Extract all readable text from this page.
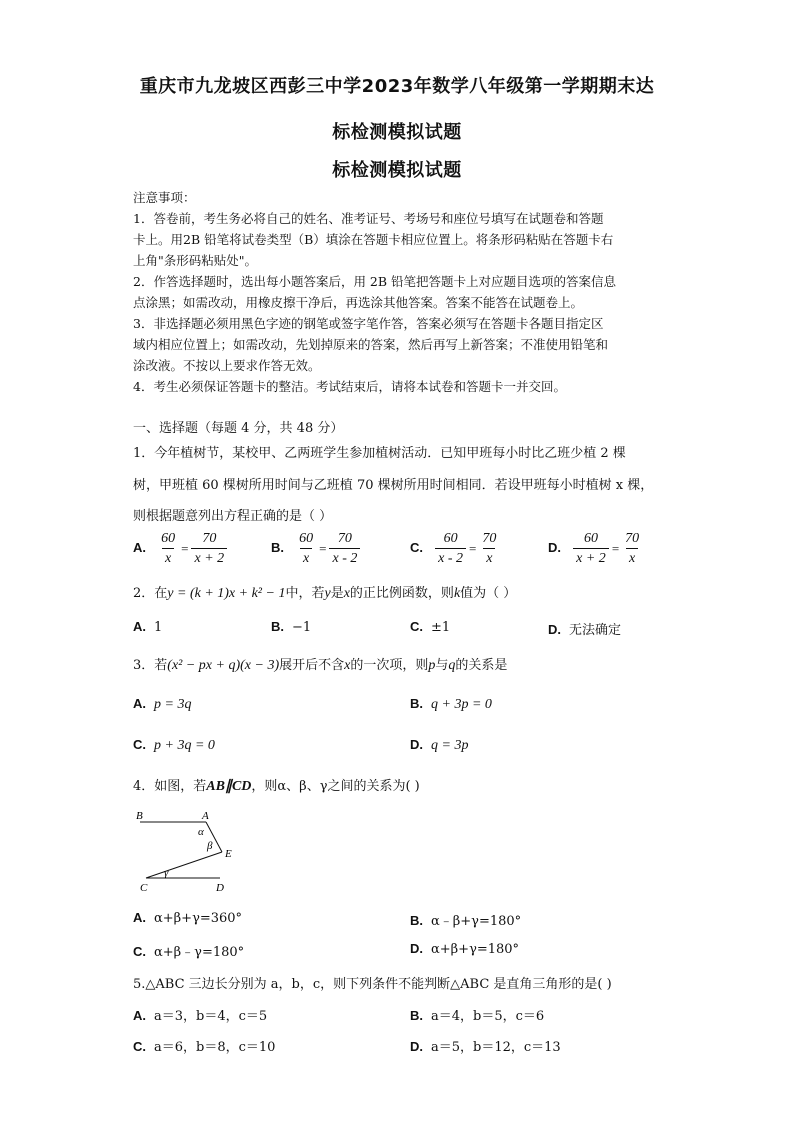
重庆市九龙坡区西彭三中学2023年数学八年级第一学期期末达
标检测模拟试题
标检测模拟试题
注意事项：
1．答卷前，考生务必将自己的姓名、准考证号、考场号和座位号填写在试题卷和答题
卡上。用2B 铅笔将试卷类型（B）填涂在答题卡相应位置上。将条形码粘贴在答题卡右
上角"条形码粘贴处"。
2．作答选择题时，选出每小题答案后，用 2B 铅笔把答题卡上对应题目选项的答案信息
点涂黑；如需改动，用橡皮擦干净后，再选涂其他答案。答案不能答在试题卷上。
3．非选择题必须用黑色字迹的钢笔或签字笔作答，答案必须写在答题卡各题目指定区
域内相应位置上；如需改动，先划掉原来的答案，然后再写上新答案；不准使用铅笔和
涂改液。不按以上要求作答无效。
4．考生必须保证答题卡的整洁。考试结束后，请将本试卷和答题卡一并交回。
一、选择题（每题 4 分，共 48 分）
1．今年植树节，某校甲、乙两班学生参加植树活动．已知甲班每小时比乙班少植 2 棵
树，甲班植 60 棵树所用时间与乙班植 70 棵树所用时间相同．若设甲班每小时植树 x 棵，
则根据题意列出方程正确的是（ ）
A. $\frac{60}{x} = \frac{70}{x + 2}$	B. $\frac{60}{x} = \frac{70}{x - 2}$	C. $\frac{60}{x - 2} = \frac{70}{x}$	D. $\frac{60}{x + 2} = \frac{70}{x}$
2．在y = (k + 1)x + k² − 1中，若y是x的正比例函数，则k值为（ ）
A. 1	B. −1	C. ±1	D. 无法确定
3．若(x² − px + q)(x − 3)展开后不含x的一次项，则p与q的关系是
A. p = 3q	B. q + 3p = 0
C. p + 3q = 0	D. q = 3p
4．如图，若AB∥CD，则α、β、γ之间的关系为( )
B	A
α
β
E
C
γ
D
A. α+β+γ=360°	B. α﹣β+γ=180°
C. α+β﹣γ=180°	D. α+β+γ=180°
5.△ABC 三边长分别为 a，b，c，则下列条件不能判断△ABC 是直角三角形的是( )
A. a＝3，b＝4，c＝5	B. a＝4，b＝5，c＝6
C. a＝6，b＝8，c＝10	D. a＝5，b＝12，c＝13
